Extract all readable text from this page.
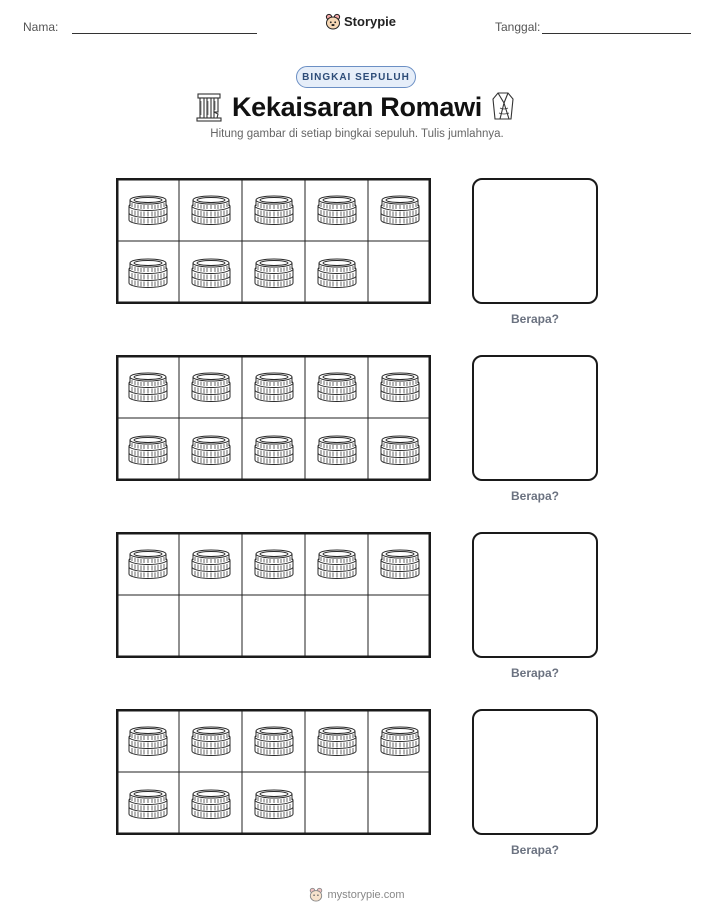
Nama:	Storypie	Tanggal:
BINGKAI SEPULUH
Kekaisaran Romawi
Hitung gambar di setiap bingkai sepuluh. Tulis jumlahnya.
Berapa?
Berapa?
Berapa?
Berapa?
mystorypie.com
